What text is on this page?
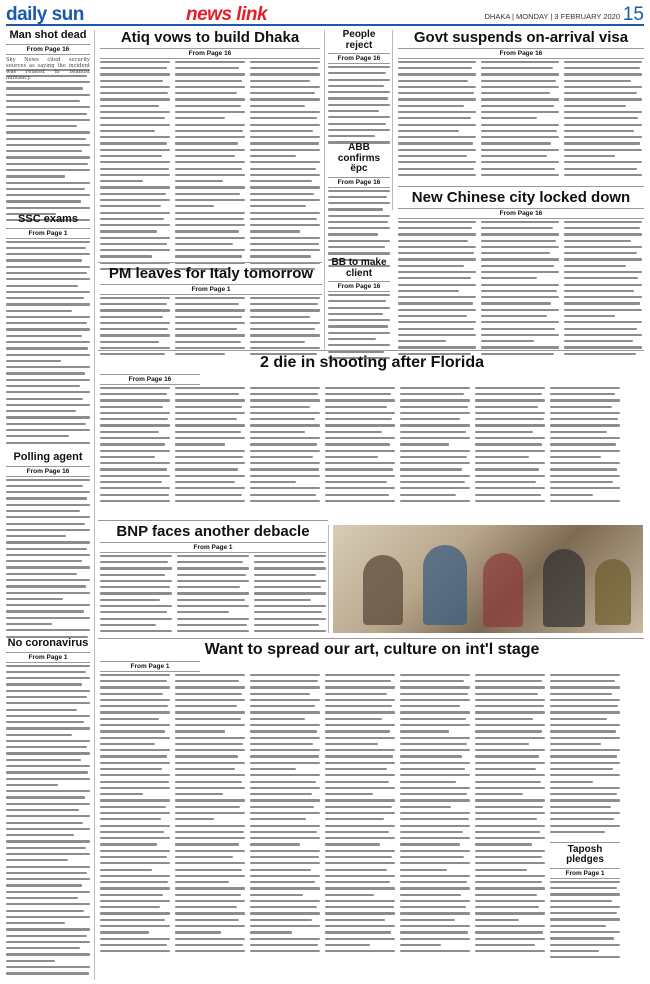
daily sun	news link	DHAKA | MONDAY | 3 FEBRUARY 2020 15
Man shot dead
From Page 16
Sky News cited security sources as saying the incident was related to Islamist militancy.
SSC exams
From Page 1
Polling agent
From Page 16
No coronavirus
From Page 1
Atiq vows to build Dhaka
From Page 16
People reject
From Page 16
ABB confirms ëpc
From Page 16
BB to make client
From Page 16
Govt suspends on-arrival visa
From Page 16
New Chinese city locked down
From Page 16
PM leaves for Italy tomorrow
From Page 1
2 die in shooting after Florida
From Page 16
BNP faces another debacle
From Page 1
Want to spread our art, culture on int'l stage
From Page 1
Taposh pledges
From Page 1
